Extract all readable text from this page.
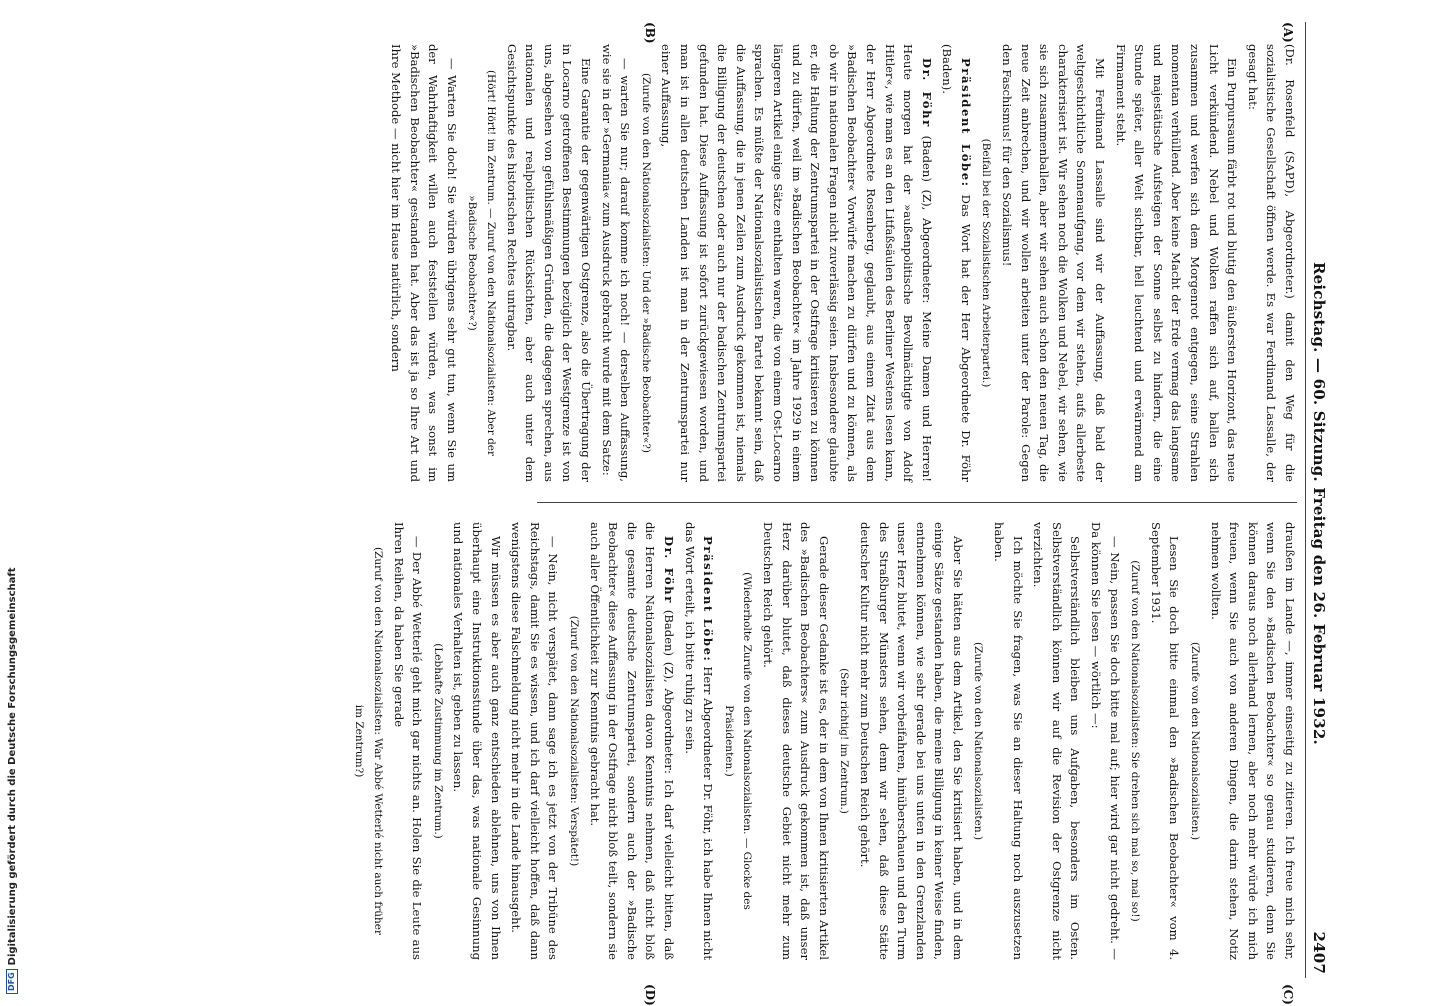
Reichstag. — 60. Sitzung. Freitag den 26. Februar 1932.
2407
(A)
(B)
(C)
(D)

(Dr. Rosenfeld (SAPD), Abgeordneter.) damit den Weg für die sozialistische Gesellschaft öffnen werde. Es war Ferdinand Lassalle, der gesagt hat:

Ein Purpursaum färbt rot und blutig den äußersten Horizont, das neue Licht verkündend. Nebel und Wolken raffen sich auf, ballen sich zusammen und werfen sich dem Morgenrot entgegen, seine Strahlen momentan verhüllend. Aber keine Macht der Erde vermag das langsame und majestätische Aufsteigen der Sonne selbst zu hindern, die eine Stunde später, aller Welt sichtbar, hell leuchtend und erwärmend am Firmament steht.

Mit Ferdinand Lassalle sind wir der Auffassung, daß bald der weltgeschichtliche Sonnenaufgang, vor dem wir stehen, aufs allerbeste charakterisiert ist. Wir sehen noch die Wolken und Nebel, wir sehen, wie sie sich zusammenballen, aber wir sehen auch schon den neuen Tag, die neue Zeit anbrechen, und wir wollen arbeiten unter der Parole: Gegen den Faschismus! für den Sozialismus!

(Beifall bei der Sozialistischen Arbeiterpartei.)

Präsident Löbe: Das Wort hat der Herr Abgeordnete Dr. Föhr (Baden).

Dr. Föhr (Baden) (Z), Abgeordneter: Meine Damen und Herren! Heute morgen hat der »außenpolitische Bevollmächtigte von Adolf Hitler«, wie man es an den Litfaßsäulen des Berliner Westens lesen kann, der Herr Abgeordnete Rosenberg, geglaubt, aus einem Zitat aus dem »Badischen Beobachter« Vorwürfe machen zu dürfen und zu können, als ob wir in nationalen Fragen nicht zuverlässig seien. Insbesondere glaubte er, die Haltung der Zentrumspartei in der Ostfrage kritisieren zu können und zu dürfen, weil im »Badischen Beobachter« im Jahre 1929 in einem längeren Artikel einige Sätze enthalten waren, die von einem Ost-Locarno sprachen. Es müßte der Nationalsozialistischen Partei bekannt sein, daß die Auffassung, die in jenen Zeilen zum Ausdruck gekommen ist, niemals die Billigung der deutschen oder auch nur der badischen Zentrumspartei gefunden hat. Diese Auffassung ist sofort zurückgewiesen worden, und man ist in allen deutschen Landen ist man in der Zentrumspartei nur einer Auffassung,

(Zurufe von den Nationalsozialisten: Und der »Badische Beobachter«?)

— warten Sie nur; darauf komme ich noch! — derselben Auffassung, wie sie in der »Germania« zum Ausdruck gebracht wurde mit dem Satze:

Eine Garantie der gegenwärtigen Ostgrenze, also die Übertragung der in Locarno getroffenen Bestimmungen bezüglich der Westgrenze ist von uns, abgesehen von gefühlsmäßigen Gründen, die dagegen sprechen, aus nationalen und realpolitischen Rücksichten, aber auch unter dem Gesichtspunkte des historischen Rechtes untragbar.

(Hört! Hört! im Zentrum. — Zuruf von den Nationalsozialisten: Aber der »Badische Beobachter«?)

— Warten Sie doch! Sie würden übrigens sehr gut tun, wenn Sie um der Wahrhaftigkeit willen auch feststellen würden, was sonst im »Badischen Beobachter« gestanden hat. Aber das ist ja so Ihre Art und Ihre Methode — nicht hier im Hause natürlich, sondern

draußen im Lande —, immer einseitig zu zitieren. Ich freue mich sehr, wenn Sie den »Badischen Beobachter« so genau studieren, denn Sie können daraus noch allerhand lernen, aber noch mehr würde ich mich freuen, wenn Sie auch von anderen Dingen, die darin stehen, Notiz nehmen wollten.

(Zurufe von den Nationalsozialisten.)

Lesen Sie doch bitte einmal den »Badischen Beobachter« vom 4. September 1931.

(Zuruf von den Nationalsozialisten: Sie drehen sich mal so, mal so!)

— Nein, passen Sie doch bitte mal auf; hier wird gar nicht gedreht. — Da können Sie lesen — wörtlich —:

Selbstverständlich bleiben uns Aufgaben, besonders im Osten. Selbstverständlich können wir auf die Revision der Ostgrenze nicht verzichten.

Ich möchte Sie fragen, was Sie an dieser Haltung noch auszusetzen haben.

(Zurufe von den Nationalsozialisten.)

Aber Sie hätten aus dem Artikel, den Sie kritisiert haben, und in dem einige Sätze gestanden haben, die meine Billigung in keiner Weise finden, entnehmen können, wie sehr gerade bei uns unten in den Grenzlanden unser Herz blutet, wenn wir vorbeifahren, hinüberschauen und den Turm des Straßburger Münsters sehen, denn wir sehen, daß diese Stätte deutscher Kultur nicht mehr zum Deutschen Reich gehört.

(Sehr richtig! im Zentrum.)

Gerade dieser Gedanke ist es, der in dem von Ihnen kritisierten Artikel des »Badischen Beobachters« zum Ausdruck gekommen ist, daß unser Herz darüber blutet, daß dieses deutsche Gebiet nicht mehr zum Deutschen Reich gehört.

(Wiederholte Zurufe von den Nationalsozialisten. — Glocke des Präsidenten.)

Präsident Löbe: Herr Abgeordneter Dr. Föhr, ich habe Ihnen nicht das Wort erteilt, ich bitte ruhig zu sein.

Dr. Föhr (Baden) (Z), Abgeordneter: Ich darf vielleicht bitten, daß die Herren Nationalsozialisten davon Kenntnis nehmen, daß nicht bloß die gesamte deutsche Zentrumspartei, sondern auch der »Badische Beobachter« diese Auffassung in der Ostfrage nicht bloß teilt, sondern sie auch aller Öffentlichkeit zur Kenntnis gebracht hat.

(Zuruf von den Nationalsozialisten: Verspätet!)

— Nein, nicht verspätet, dann sage ich es jetzt von der Tribüne des Reichstags, damit Sie es wissen, und ich darf vielleicht hoffen, daß dann wenigstens diese Falschmeldung nicht mehr in die Lande hinausgeht.

Wir müssen es aber auch ganz entschieden ablehnen, uns von Ihnen überhaupt eine Instruktionsstunde über das, was nationale Gesinnung und nationales Verhalten ist, geben zu lassen.

(Lebhafte Zustimmung im Zentrum.)

— Der Abbé Wetterlé geht mich gar nichts an. Holen Sie die Leute aus Ihren Reihen, da haben Sie gerade

(Zuruf von den Nationalsozialisten: War Abbé Wetterlé nicht auch früher im Zentrum?)

DFGDigitalisierung gefördert durch die Deutsche Forschungsgemeinschaft
